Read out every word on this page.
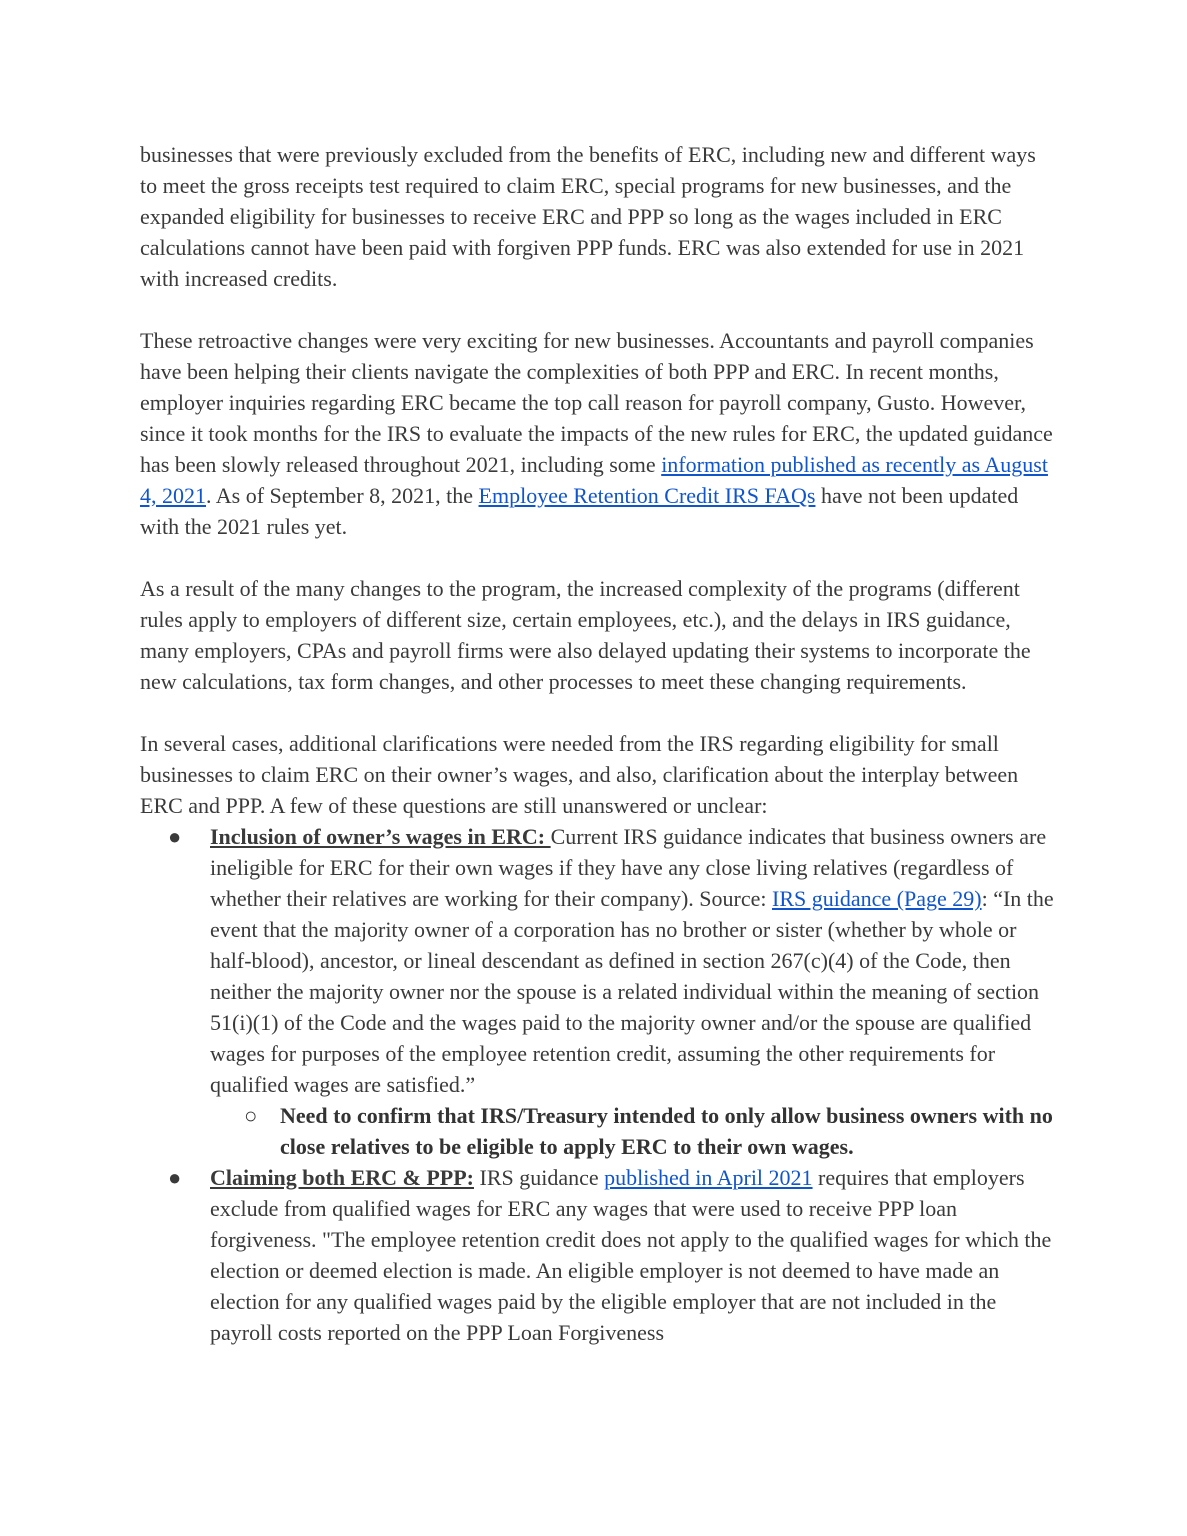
businesses that were previously excluded from the benefits of ERC, including new and different ways to meet the gross receipts test required to claim ERC, special programs for new businesses, and the expanded eligibility for businesses to receive ERC and PPP so long as the wages included in ERC calculations cannot have been paid with forgiven PPP funds. ERC was also extended for use in 2021 with increased credits.

These retroactive changes were very exciting for new businesses. Accountants and payroll companies have been helping their clients navigate the complexities of both PPP and ERC. In recent months, employer inquiries regarding ERC became the top call reason for payroll company, Gusto. However, since it took months for the IRS to evaluate the impacts of the new rules for ERC, the updated guidance has been slowly released throughout 2021, including some information published as recently as August 4, 2021. As of September 8, 2021, the Employee Retention Credit IRS FAQs have not been updated with the 2021 rules yet.

As a result of the many changes to the program, the increased complexity of the programs (different rules apply to employers of different size, certain employees, etc.), and the delays in IRS guidance, many employers, CPAs and payroll firms were also delayed updating their systems to incorporate the new calculations, tax form changes, and other processes to meet these changing requirements.

In several cases, additional clarifications were needed from the IRS regarding eligibility for small businesses to claim ERC on their owner’s wages, and also, clarification about the interplay between ERC and PPP. A few of these questions are still unanswered or unclear:

● Inclusion of owner’s wages in ERC: Current IRS guidance indicates that business owners are ineligible for ERC for their own wages if they have any close living relatives (regardless of whether their relatives are working for their company). Source: IRS guidance (Page 29): “In the event that the majority owner of a corporation has no brother or sister (whether by whole or half-blood), ancestor, or lineal descendant as defined in section 267(c)(4) of the Code, then neither the majority owner nor the spouse is a related individual within the meaning of section 51(i)(1) of the Code and the wages paid to the majority owner and/or the spouse are qualified wages for purposes of the employee retention credit, assuming the other requirements for qualified wages are satisfied.”
○ Need to confirm that IRS/Treasury intended to only allow business owners with no close relatives to be eligible to apply ERC to their own wages.
● Claiming both ERC & PPP: IRS guidance published in April 2021 requires that employers exclude from qualified wages for ERC any wages that were used to receive PPP loan forgiveness. "The employee retention credit does not apply to the qualified wages for which the election or deemed election is made. An eligible employer is not deemed to have made an election for any qualified wages paid by the eligible employer that are not included in the payroll costs reported on the PPP Loan Forgiveness
